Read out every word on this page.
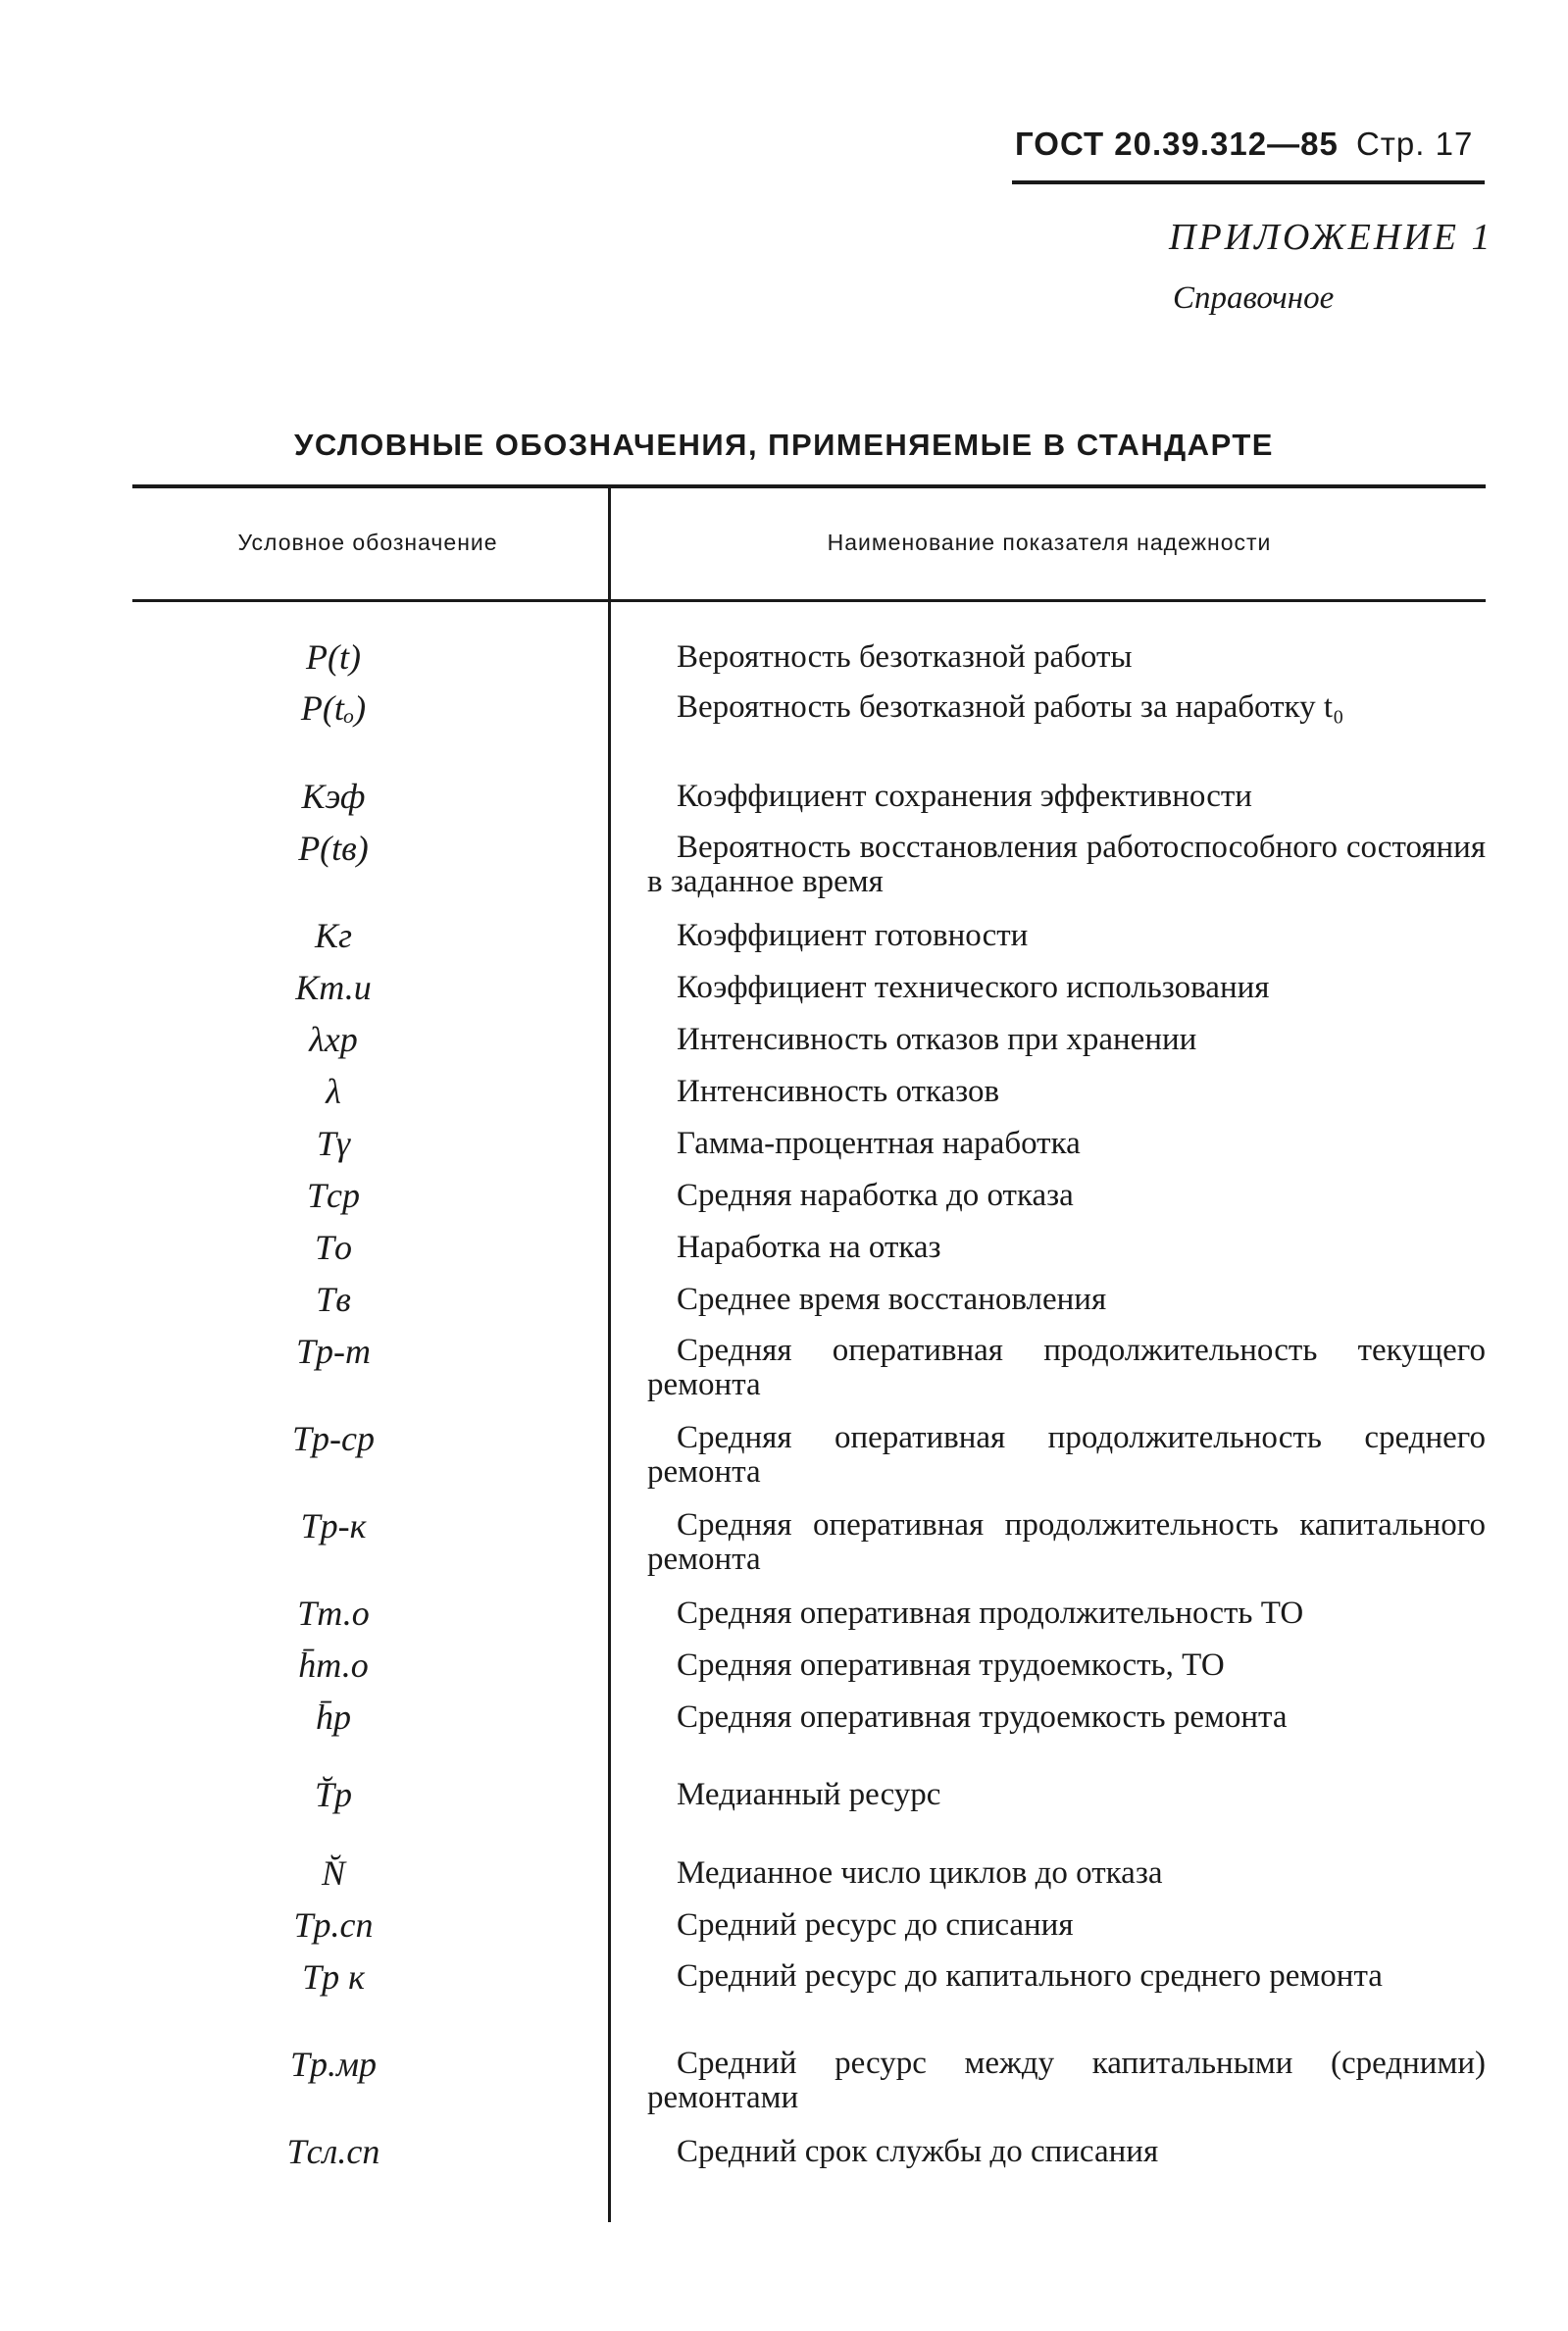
ГОСТ 20.39.312—85 Стр. 17
ПРИЛОЖЕНИЕ 1
Справочное
УСЛОВНЫЕ ОБОЗНАЧЕНИЯ, ПРИМЕНЯЕМЫЕ В СТАНДАРТЕ
Условное обозначение	Наименование показателя надежности
P(t)	Вероятность безотказной работы
P(tₒ)	Вероятность безотказной работы за наработку t₀
Kэф	Коэффициент сохранения эффективности
P(tв)	Вероятность восстановления работоспособного состояния в заданное время
Kг	Коэффициент готовности
Kт.и	Коэффициент технического использования
λхр	Интенсивность отказов при хранении
λ	Интенсивность отказов
Tγ	Гамма-процентная наработка
Tср	Средняя наработка до отказа
Tо	Наработка на отказ
Tв	Среднее время восстановления
Tр-т	Средняя оперативная продолжительность текущего ремонта
Tр-ср	Средняя оперативная продолжительность среднего ремонта
Tр-к	Средняя оперативная продолжительность капитального ремонта
Tт.о	Средняя оперативная продолжительность ТО
h̄т.о	Средняя оперативная трудоемкость, ТО
h̄р	Средняя оперативная трудоемкость ремонта
T̆р	Медианный ресурс
N̆	Медианное число циклов до отказа
Tр.сп	Средний ресурс до списания
Tр к	Средний ресурс до капитального среднего ремонта
Tр.мр	Средний ресурс между капитальными (средними) ремонтами
Tсл.сп	Средний срок службы до списания
